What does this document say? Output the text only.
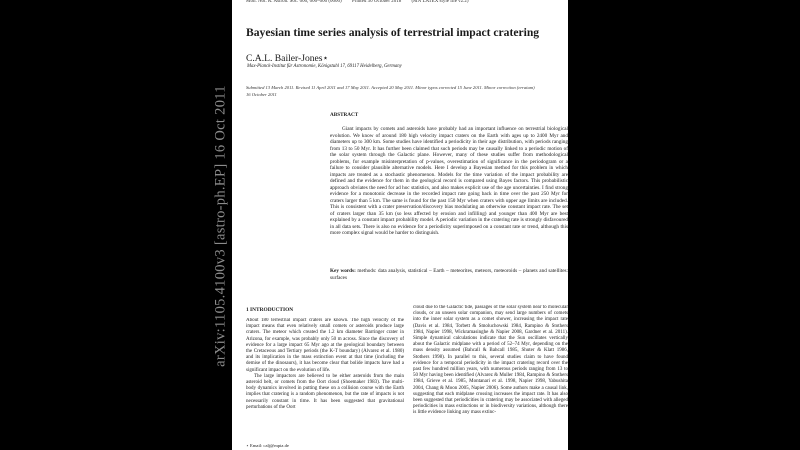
Mon. Not. R. Astron. Soc. 000, 000–000 (0000) Printed 30 October 2018 (MN LATEX style file v2.2)
Bayesian time series analysis of terrestrial impact cratering
C.A.L. Bailer-Jones⋆
Max-Planck-Institut für Astronomie, Königstuhl 17, 69117 Heidelberg, Germany
Submitted 13 March 2011. Revised 11 April 2011 and 17 May 2011. Accepted 20 May 2011. Minor typos corrected 15 June 2011. Minor correction (erratum)
16 October 2011
ABSTRACT
Giant impacts by comets and asteroids have probably had an important influence on terrestrial biological evolution. We know of around 180 high velocity impact craters on the Earth with ages up to 2400 Myr and diameters up to 300 km. Some studies have identified a periodicity in their age distribution, with periods ranging from 13 to 50 Myr. It has further been claimed that such periods may be causally linked to a periodic motion of the solar system through the Galactic plane. However, many of these studies suffer from methodological problems, for example misinterpretation of p-values, overestimation of significance in the periodogram or a failure to consider plausible alternative models. Here I develop a Bayesian method for this problem in which impacts are treated as a stochastic phenomenon. Models for the time variation of the impact probability are defined and the evidence for them in the geological record is compared using Bayes factors. This probabilistic approach obviates the need for ad hoc statistics, and also makes explicit use of the age uncertainties. I find strong evidence for a monotonic decrease in the recorded impact rate going back in time over the past 250 Myr for craters larger than 5 km. The same is found for the past 150 Myr when craters with upper age limits are included. This is consistent with a crater preservation/discovery bias modulating an otherwise constant impact rate. The set of craters larger than 35 km (so less affected by erosion and infilling) and younger than 400 Myr are best explained by a constant impact probability model. A periodic variation in the cratering rate is strongly disfavoured in all data sets. There is also no evidence for a periodicity superimposed on a constant rate or trend, although this more complex signal would be harder to distinguish.
Key words: methods: data analysis, statistical – Earth – meteorites, meteors, meteoroids – planets and satellites: surfaces
1 INTRODUCTION

About 180 terrestrial impact craters are known. The high velocity of the impact means that even relatively small comets or asteroids produce large craters. The meteor which created the 1.2 km diameter Barringer crater in Arizona, for example, was probably only 50 m across. Since the discovery of evidence for a large impact 65 Myr ago at the geological boundary between the Cretaceous and Tertiary periods (the K-T boundary) (Alvarez et al. 1980) and its implication in the mass extinction event at that time (including the demise of the dinosaurs), it has become clear that bolide impacts have had a significant impact on the evolution of life.

The large impactors are believed to be either asteroids from the main asteroid belt, or comets from the Oort cloud (Shoemaker 1983). The multi-body dynamics involved in putting these on a collision course with the Earth implies that cratering is a random phenomenon, but the rate of impacts is not necessarily constant in time. It has been suggested that gravitational perturbations of the Oort

cloud due to the Galactic tide, passages of the solar system near to molecular clouds, or an unseen solar companion, may send large numbers of comets into the inner solar system as a comet shower, increasing the impact rate (Davis et al. 1984, Torbett & Smoluchowski 1984, Rampino & Stothers 1984, Napier 1998, Wickramasinghe & Napier 2008, Gardner et al. 2011). Simple dynamical calculations indicate that the Sun oscillates vertically about the Galactic midplane with a period of 52–74 Myr, depending on the mass density assumed (Bahcall & Bahcall 1985, Shuter & Klatt 1986, Stothers 1998). In parallel to this, several studies claim to have found evidence for a temporal periodicity in the impact cratering record over the past few hundred million years, with numerous periods ranging from 13 to 50 Myr having been identified (Alvarez & Muller 1984, Rampino & Stothers 1984, Grieve et al. 1985, Montanari et al. 1998, Napier 1998, Yabushita 2004, Chang & Moon 2005, Napier 2006). Some authors make a causal link, suggesting that each midplane crossing increases the impact rate. It has also been suggested that periodicities in cratering may be associated with alleged periodicities in mass extinctions or in biodiversity variations, although there is little evidence linking any mass extinc-

⋆ Email: calj@mpia.de
arXiv:1105.4100v3 [astro-ph.EP] 16 Oct 2011
